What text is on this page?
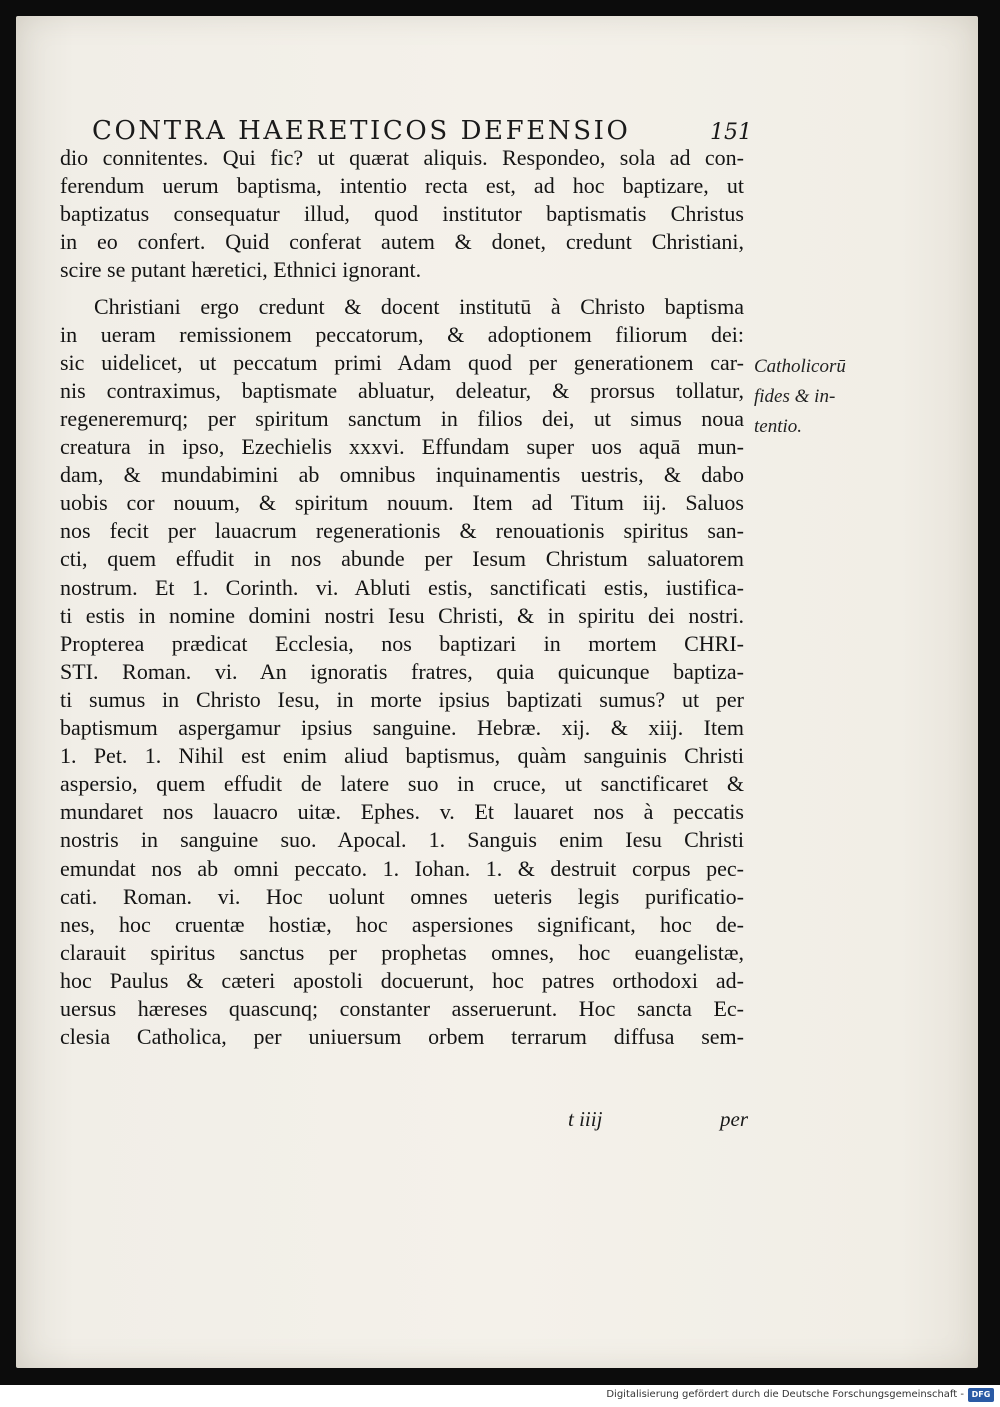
CONTRA HAERETICOS DEFENSIO	151
dio connitentes. Qui fic? ut quærat aliquis. Respondeo, sola ad con-
ferendum uerum baptisma, intentio recta est, ad hoc baptizare, ut
baptizatus consequatur illud, quod institutor baptismatis Christus
in eo confert. Quid conferat autem & donet, credunt Christiani,
scire se putant hæretici, Ethnici ignorant.
Christiani ergo credunt & docent institutū à Christo baptisma
in ueram remissionem peccatorum, & adoptionem filiorum dei:
sic uidelicet, ut peccatum primi Adam quod per generationem car-
nis contraximus, baptismate abluatur, deleatur, & prorsus tollatur,
regeneremurq; per spiritum sanctum in filios dei, ut simus noua
creatura in ipso, Ezechielis xxxvi. Effundam super uos aquā mun-
dam, & mundabimini ab omnibus inquinamentis uestris, & dabo
uobis cor nouum, & spiritum nouum. Item ad Titum iij. Saluos
nos fecit per lauacrum regenerationis & renouationis spiritus san-
cti, quem effudit in nos abunde per Iesum Christum saluatorem
nostrum. Et 1. Corinth. vi. Abluti estis, sanctificati estis, iustifica-
ti estis in nomine domini nostri Iesu Christi, & in spiritu dei nostri.
Propterea prædicat Ecclesia, nos baptizari in mortem CHRI-
STI. Roman. vi. An ignoratis fratres, quia quicunque baptiza-
ti sumus in Christo Iesu, in morte ipsius baptizati sumus? ut per
baptismum aspergamur ipsius sanguine. Hebræ. xij. & xiij. Item
1. Pet. 1. Nihil est enim aliud baptismus, quàm sanguinis Christi
aspersio, quem effudit de latere suo in cruce, ut sanctificaret &
mundaret nos lauacro uitæ. Ephes. v. Et lauaret nos à peccatis
nostris in sanguine suo. Apocal. 1. Sanguis enim Iesu Christi
emundat nos ab omni peccato. 1. Iohan. 1. & destruit corpus pec-
cati. Roman. vi. Hoc uolunt omnes ueteris legis purificatio-
nes, hoc cruentæ hostiæ, hoc aspersiones significant, hoc de-
clarauit spiritus sanctus per prophetas omnes, hoc euangelistæ,
hoc Paulus & cæteri apostoli docuerunt, hoc patres orthodoxi ad-
uersus hæreses quascunq; constanter asseruerunt. Hoc sancta Ec-
clesia Catholica, per uniuersum orbem terrarum diffusa sem-
Catholicorū
fides & in-
tentio.
t iiij	per
Digitalisierung gefördert durch die Deutsche Forschungsgemeinschaft - DFG
